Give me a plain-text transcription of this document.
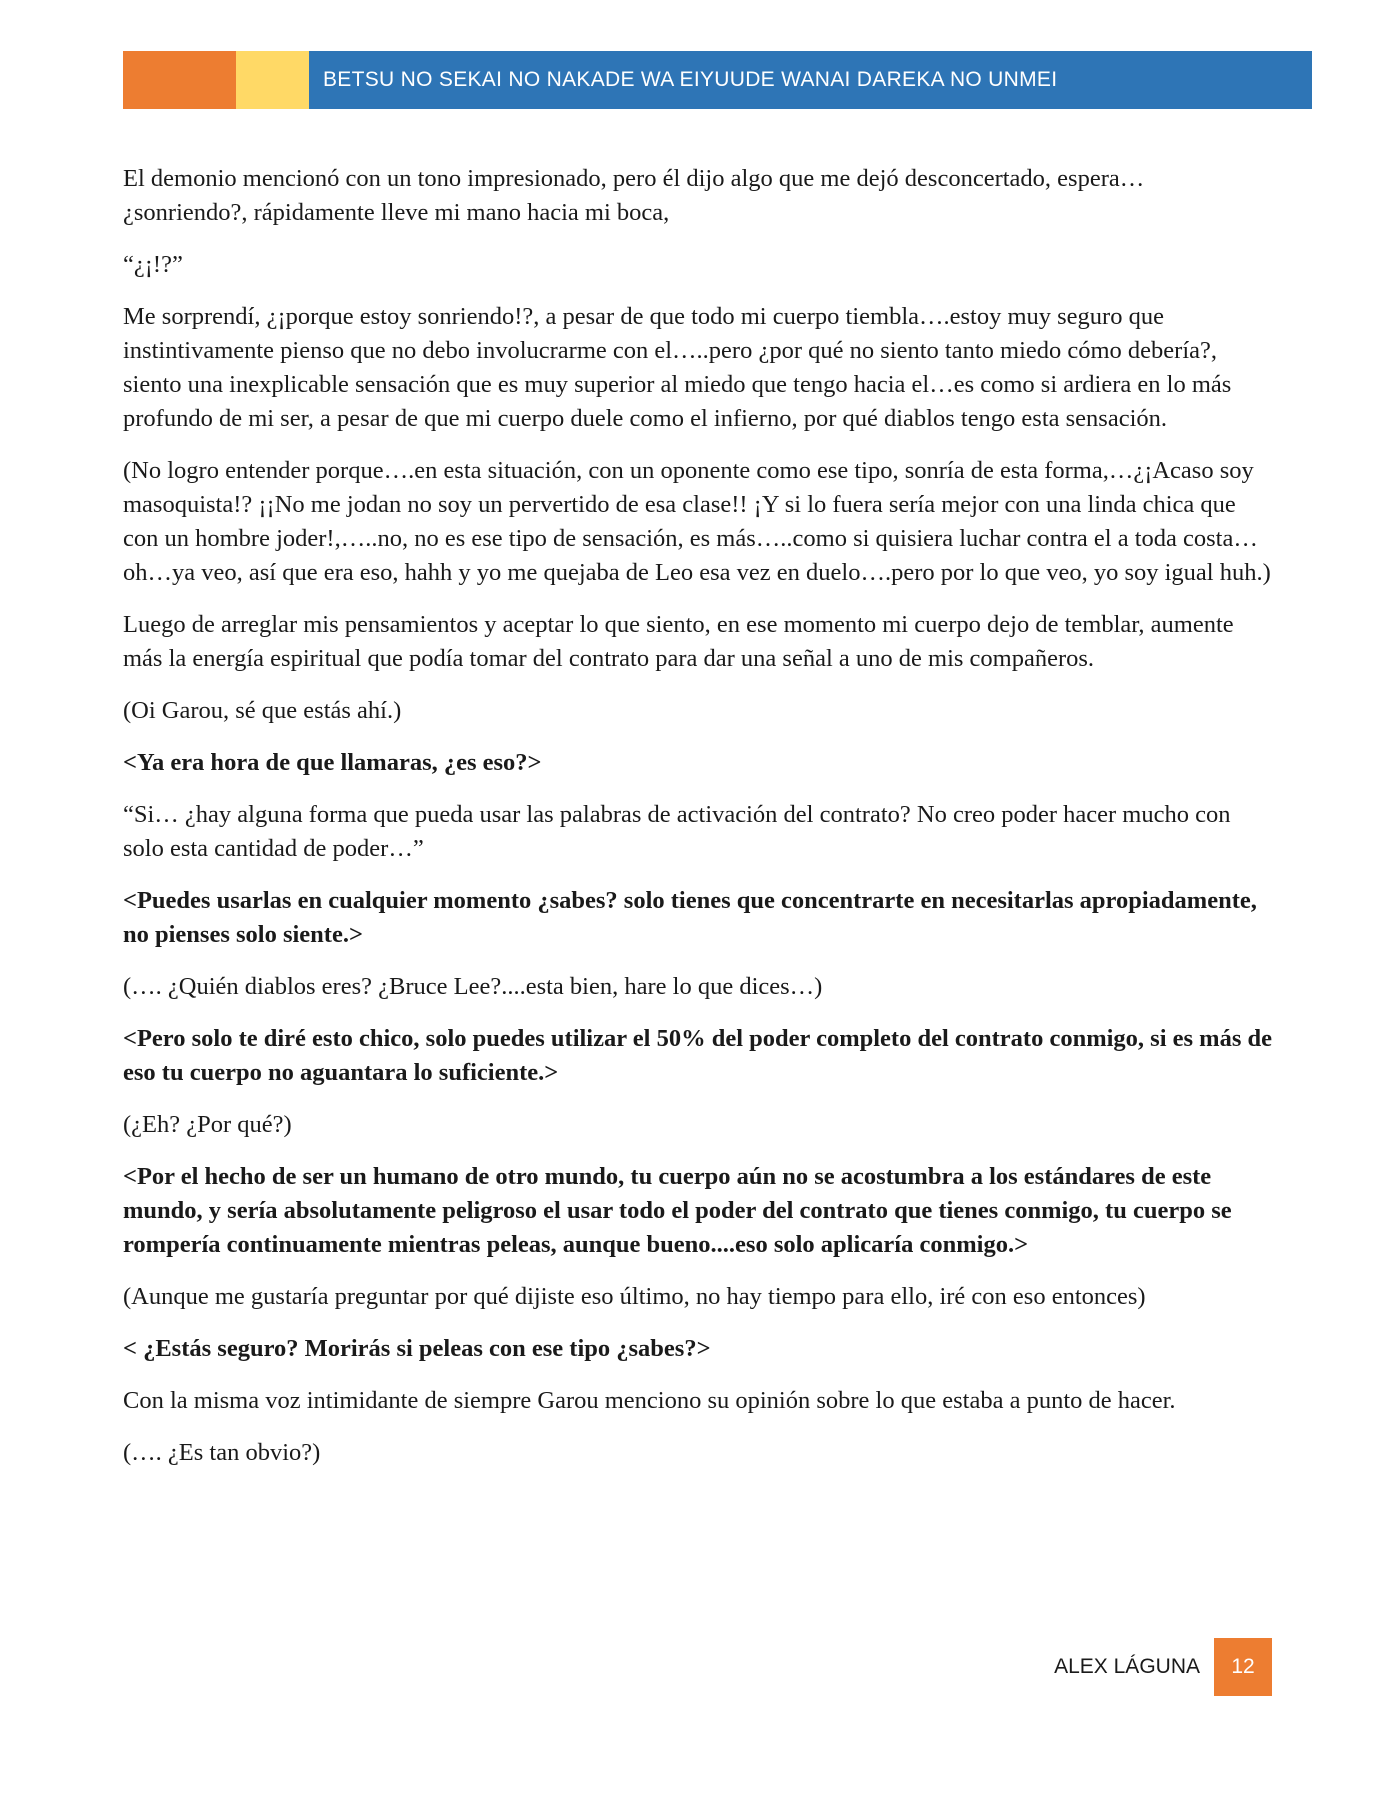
BETSU NO SEKAI NO NAKADE WA EIYUUDE WANAI DAREKA NO UNMEI

El demonio mencionó con un tono impresionado, pero él dijo algo que me dejó desconcertado, espera… ¿sonriendo?, rápidamente lleve mi mano hacia mi boca,

“¿¡!?”

Me sorprendí, ¿¡porque estoy sonriendo!?, a pesar de que todo mi cuerpo tiembla….estoy muy seguro que instintivamente pienso que no debo involucrarme con el…..pero ¿por qué no siento tanto miedo cómo debería?, siento una inexplicable sensación que es muy superior al miedo que tengo hacia el…es como si ardiera en lo más profundo de mi ser, a pesar de que mi cuerpo duele como el infierno, por qué diablos tengo esta sensación.

(No logro entender porque….en esta situación, con un oponente como ese tipo, sonría de esta forma,…¿¡Acaso soy masoquista!? ¡¡No me jodan no soy un pervertido de esa clase!! ¡Y si lo fuera sería mejor con una linda chica que con un hombre joder!,…..no, no es ese tipo de sensación, es más…..como si quisiera luchar contra el a toda costa…oh…ya veo, así que era eso, hahh y yo me quejaba de Leo esa vez en duelo….pero por lo que veo, yo soy igual huh.)

Luego de arreglar mis pensamientos y aceptar lo que siento, en ese momento mi cuerpo dejo de temblar, aumente más la energía espiritual que podía tomar del contrato para dar una señal a uno de mis compañeros.

(Oi Garou, sé que estás ahí.)

<Ya era hora de que llamaras, ¿es eso?>

“Si… ¿hay alguna forma que pueda usar las palabras de activación del contrato? No creo poder hacer mucho con solo esta cantidad de poder…”

<Puedes usarlas en cualquier momento ¿sabes? solo tienes que concentrarte en necesitarlas apropiadamente, no pienses solo siente.>

(…. ¿Quién diablos eres? ¿Bruce Lee?....esta bien, hare lo que dices…)

<Pero solo te diré esto chico, solo puedes utilizar el 50% del poder completo del contrato conmigo, si es más de eso tu cuerpo no aguantara lo suficiente.>

(¿Eh? ¿Por qué?)

<Por el hecho de ser un humano de otro mundo, tu cuerpo aún no se acostumbra a los estándares de este mundo, y sería absolutamente peligroso el usar todo el poder del contrato que tienes conmigo, tu cuerpo se rompería continuamente mientras peleas, aunque bueno....eso solo aplicaría conmigo.>

(Aunque me gustaría preguntar por qué dijiste eso último, no hay tiempo para ello, iré con eso entonces)

< ¿Estás seguro? Morirás si peleas con ese tipo ¿sabes?>

Con la misma voz intimidante de siempre Garou menciono su opinión sobre lo que estaba a punto de hacer.

(…. ¿Es tan obvio?)

ALEX LÁGUNA	12
